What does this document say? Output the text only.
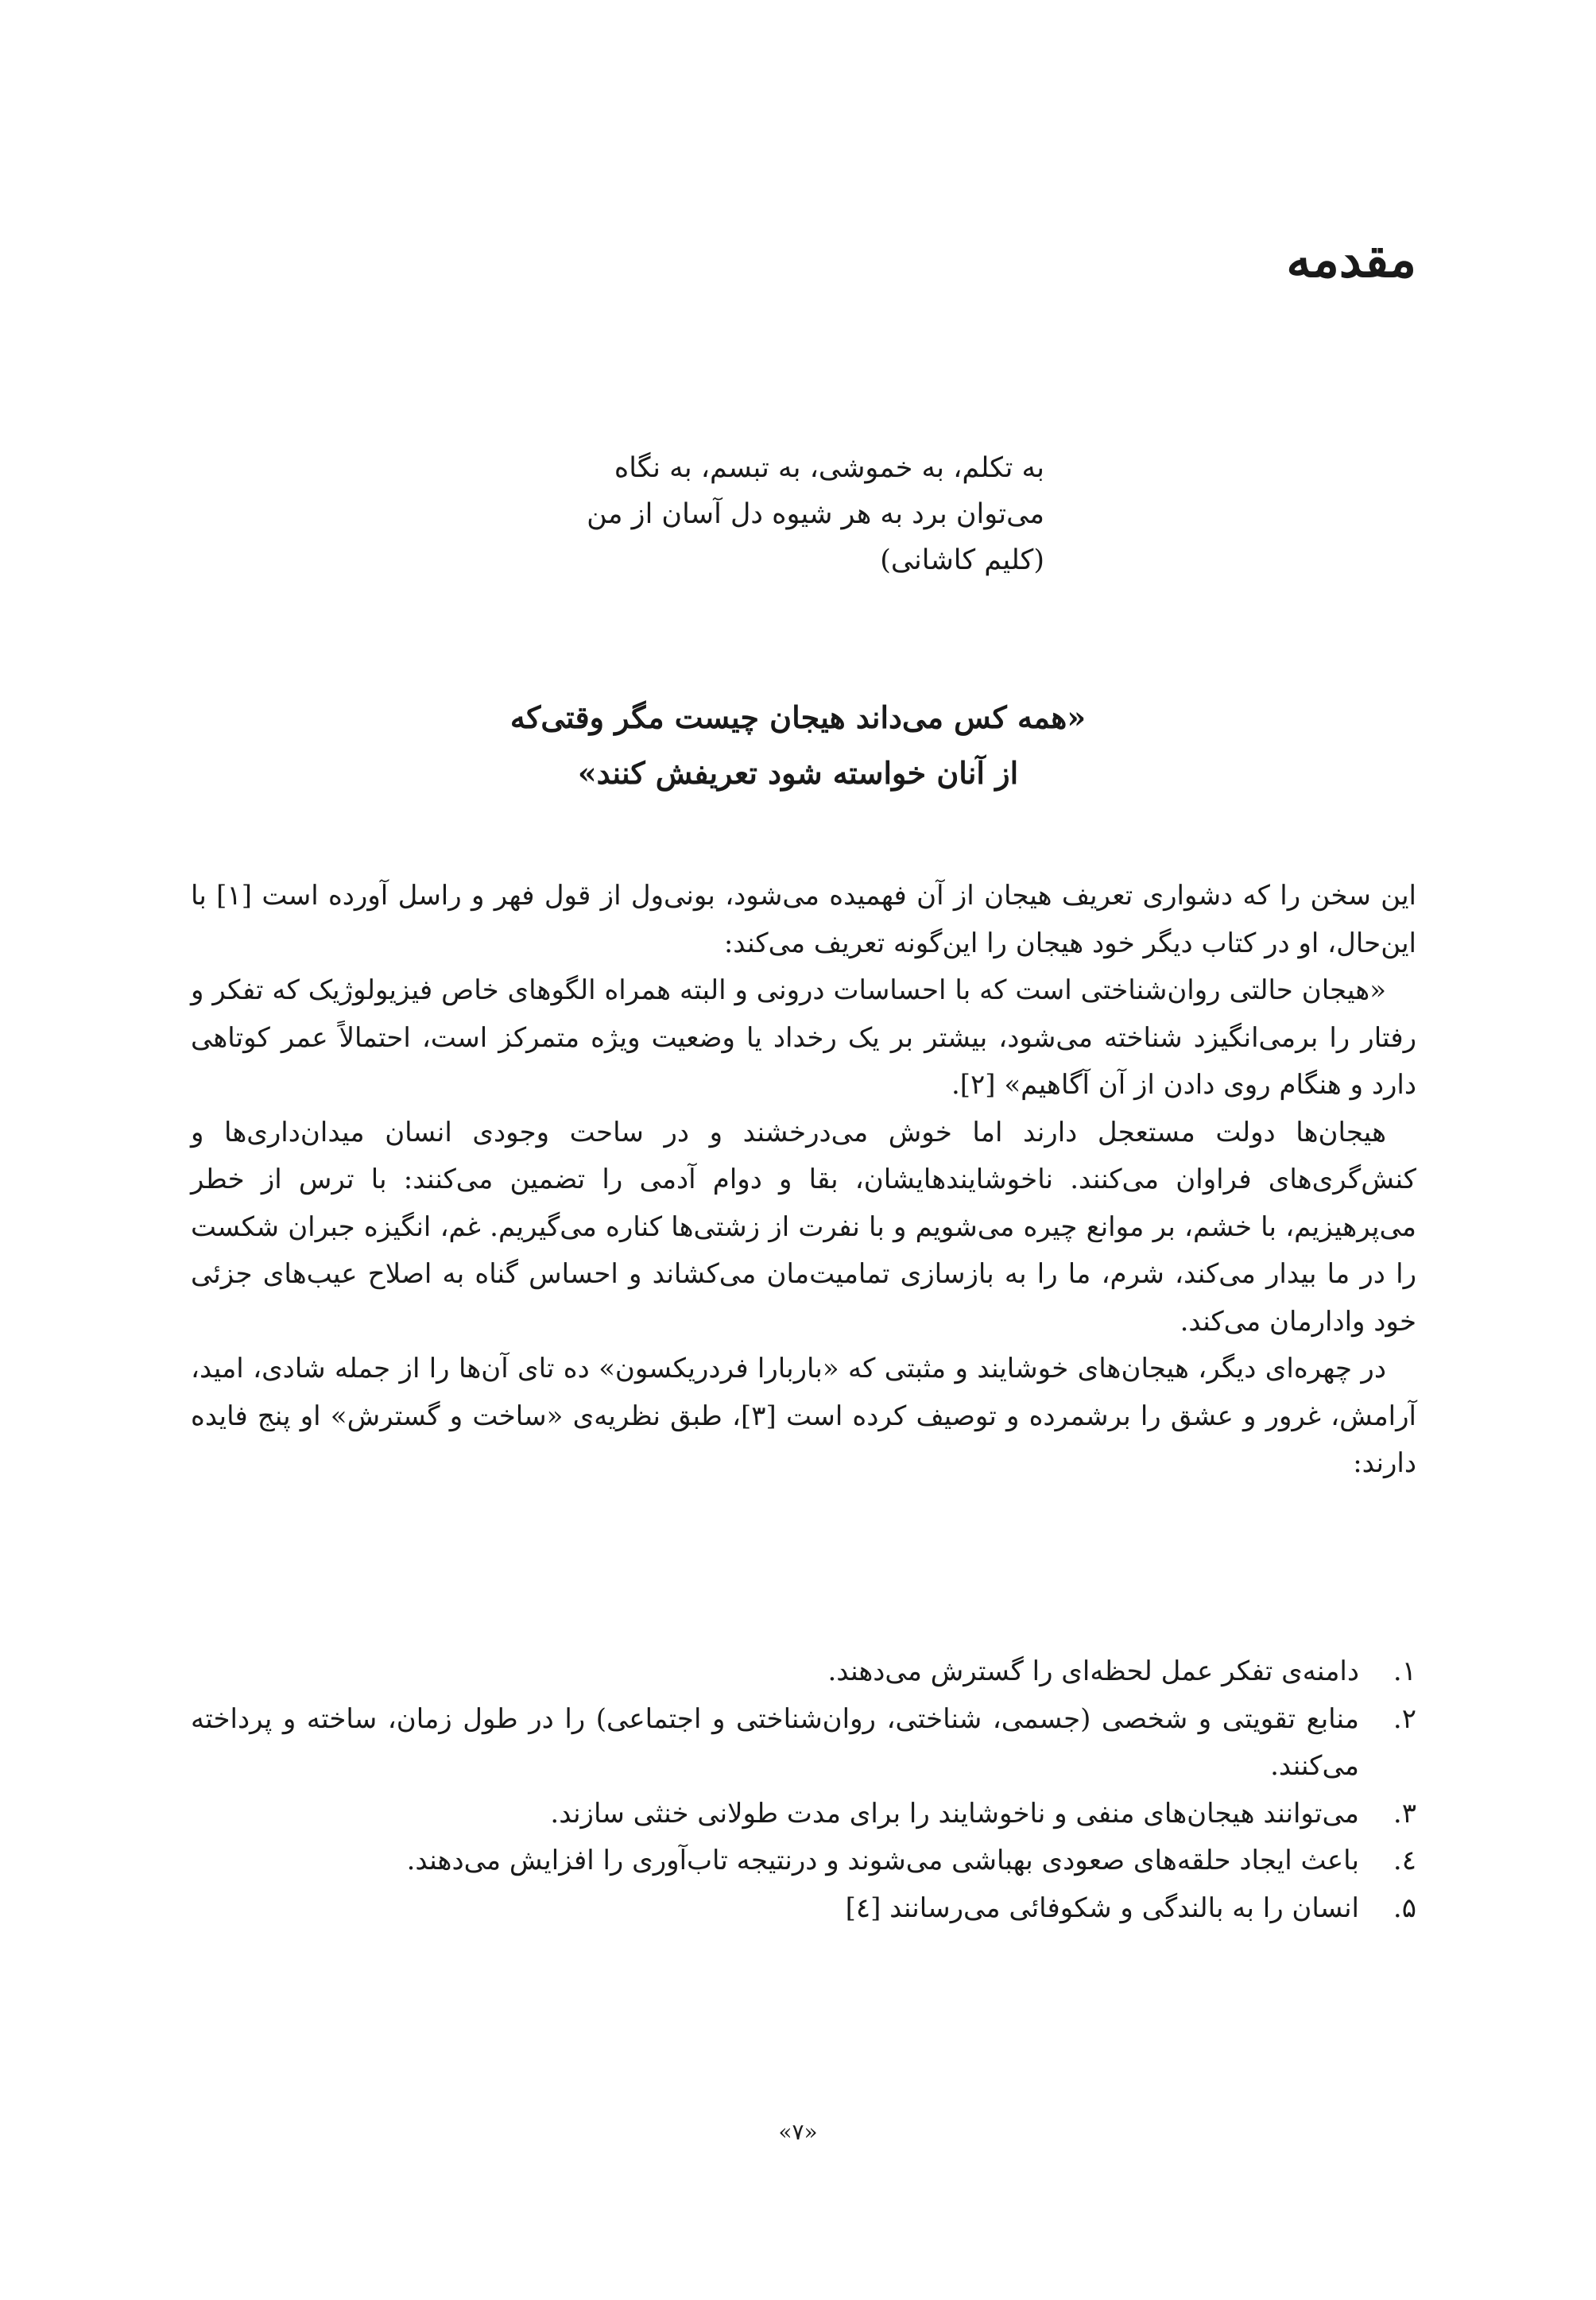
مقدمه
به تکلم، به خموشی، به تبسم، به نگاه
می‌توان برد به هر شیوه دل آسان از من
(کلیم کاشانی)
«همه کس می‌داند هیجان چیست مگر وقتی‌که
از آنان خواسته شود تعریفش کنند»

این سخن را که دشواری تعریف هیجان از آن فهمیده می‌شود، بونی‌ول از قول فهر و راسل آورده است [۱] با این‌حال، او در کتاب دیگر خود هیجان را این‌گونه تعریف می‌کند:

«هیجان حالتی روان‌شناختی است که با احساسات درونی و البته همراه الگوهای خاص فیزیولوژیک که تفکر و رفتار را برمی‌انگیزد شناخته می‌شود، بیشتر بر یک رخداد یا وضعیت ویژه متمرکز است، احتمالاً عمر کوتاهی دارد و هنگام روی دادن از آن آگاهیم» [۲].

هیجان‌ها دولت مستعجل دارند اما خوش می‌درخشند و در ساحت وجودی انسان میدان‌داری‌ها و کنش‌گری‌های فراوان می‌کنند. ناخوشایندهایشان، بقا و دوام آدمی را تضمین می‌کنند: با ترس از خطر می‌پرهیزیم، با خشم، بر موانع چیره می‌شویم و با نفرت از زشتی‌ها کناره می‌گیریم. غم، انگیزه جبران شکست را در ما بیدار می‌کند، شرم، ما را به بازسازی تمامیت‌مان می‌کشاند و احساس گناه به اصلاح عیب‌های جزئی خود وادارمان می‌کند.

در چهره‌ای دیگر، هیجان‌های خوشایند و مثبتی که «باربارا فردریکسون» ده تای آن‌ها را از جمله شادی، امید، آرامش، غرور و عشق را برشمرده و توصیف کرده است [۳]، طبق نظریه‌ی «ساخت و گسترش» او پنج فایده دارند:

۱.
دامنه‌ی تفکر عمل لحظه‌ای را گسترش می‌دهند.
۲.
منابع تقویتی و شخصی (جسمی، شناختی، روان‌شناختی و اجتماعی) را در طول زمان، ساخته و پرداخته می‌کنند.
۳.
می‌توانند هیجان‌های منفی و ناخوشایند را برای مدت طولانی خنثی سازند.
٤.
باعث ایجاد حلقه‌های صعودی بهباشی می‌شوند و درنتیجه تاب‌آوری را افزایش می‌دهند.
۵.
انسان را به بالندگی و شکوفائی می‌رسانند [٤]
«۷»
